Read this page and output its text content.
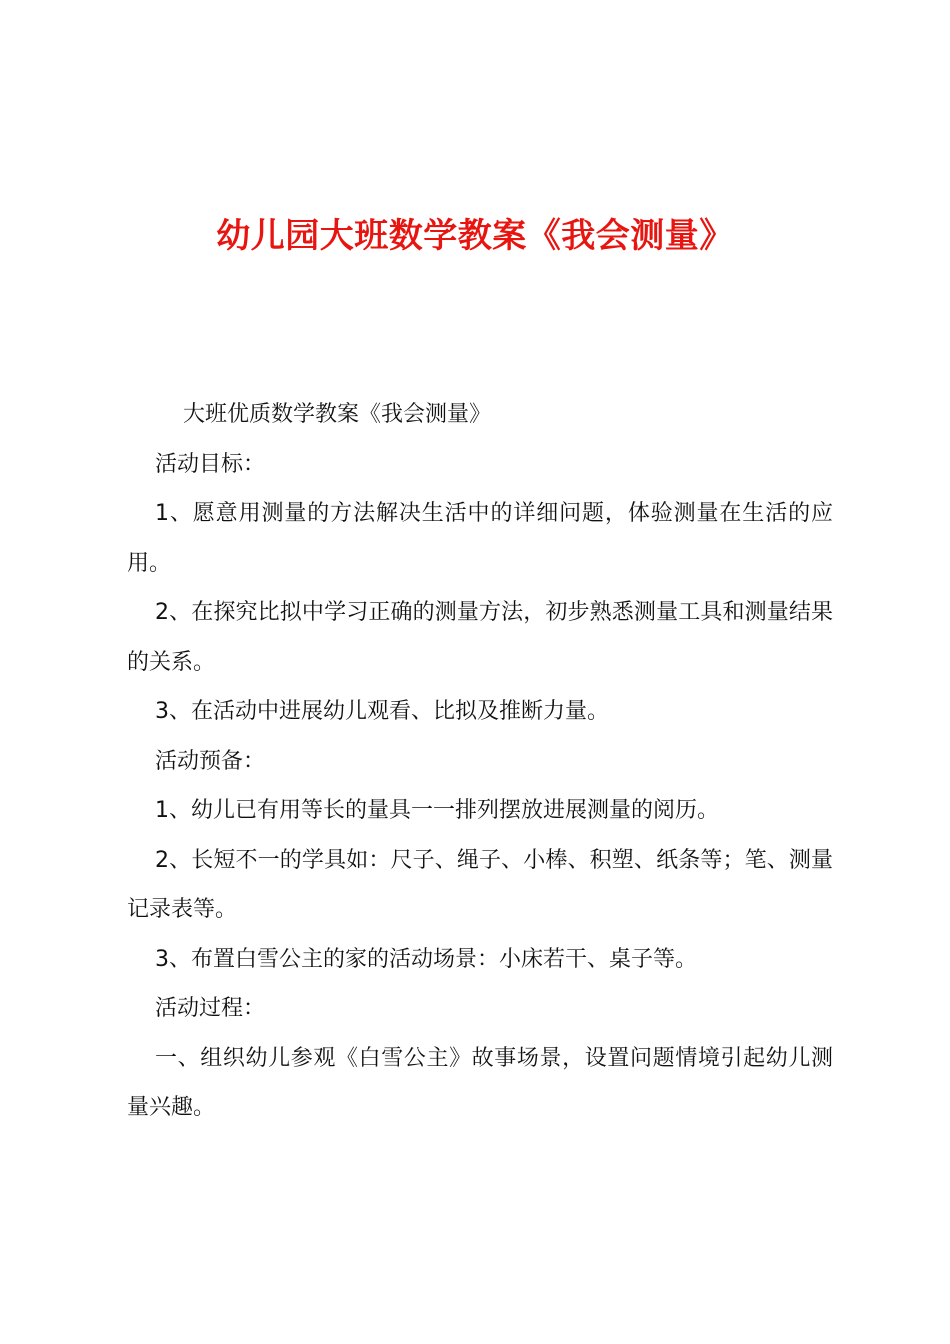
幼儿园大班数学教案《我会测量》

大班优质数学教案《我会测量》

活动目标：

1、愿意用测量的方法解决生活中的详细问题，体验测量在生活的应用。

2、在探究比拟中学习正确的测量方法，初步熟悉测量工具和测量结果的关系。

3、在活动中进展幼儿观看、比拟及推断力量。

活动预备：

1、幼儿已有用等长的量具一一排列摆放进展测量的阅历。

2、长短不一的学具如：尺子、绳子、小棒、积塑、纸条等；笔、测量记录表等。

3、布置白雪公主的家的活动场景：小床若干、桌子等。

活动过程：

一、组织幼儿参观《白雪公主》故事场景，设置问题情境引起幼儿测量兴趣。
